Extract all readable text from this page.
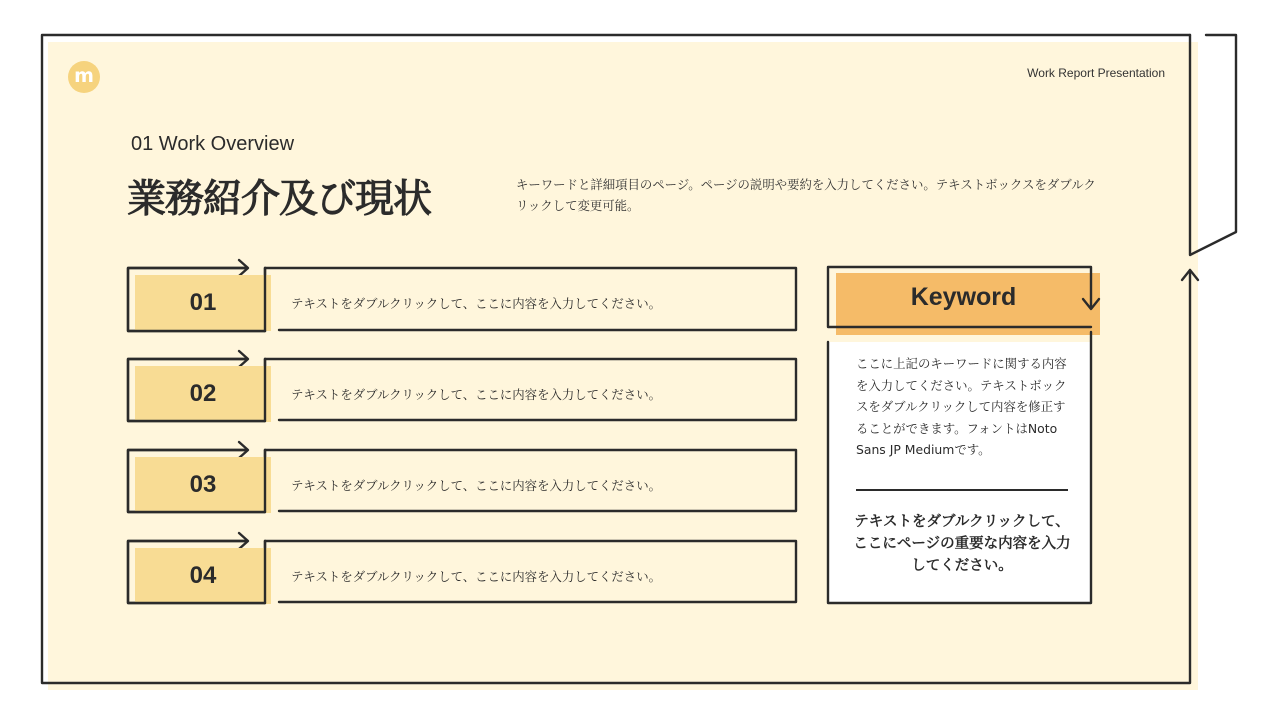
m	Work Report Presentation
01 Work Overview
業務紹介及び現状	キーワードと詳細項目のページ。ページの説明や要約を入力してください。テキストボックスをダブルクリックして変更可能。
01
02
03
04
テキストをダブルクリックして、ここに内容を入力してください。
テキストをダブルクリックして、ここに内容を入力してください。
テキストをダブルクリックして、ここに内容を入力してください。
テキストをダブルクリックして、ここに内容を入力してください。
Keyword
ここに上記のキーワードに関する内容を入力してください。テキストボック スをダブルクリックして内容を修正す ることができます。フォントはNoto Sans JP Mediumです。
テキストをダブルクリックして、ここにページの重要な内容を入力してください。
